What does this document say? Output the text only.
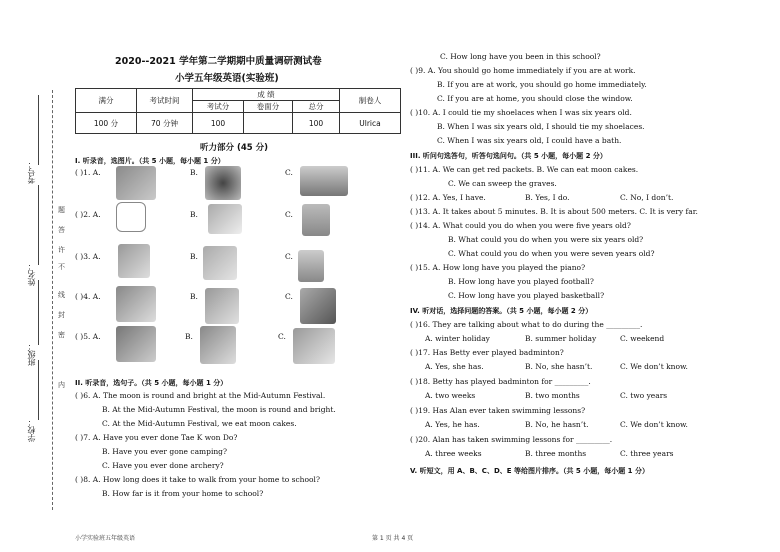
考号：
姓名：
班级：
学校：
题
答
许
不
线
封
密
内
2020--2021 学年第二学期期中质量调研测试卷
小学五年级英语(实验班)
满分	考试时间	成 绩			制卷人
		考试分	卷面分	总分	
100 分	70 分钟	100		100	Ulrica
听力部分 (45 分)
I. 听录音，选图片。（共 5 小题，每小题 1 分）
( )1. A.	B.	C.
( )2. A.	B.	C.
( )3. A.	B.	C.
( )4. A.	B.	C.
( )5. A.	B.	C.
II. 听录音，选句子。（共 5 小题，每小题 1 分）
( )6. A. The moon is round and bright at the Mid-Autumn Festival.
B. At the Mid-Autumn Festival, the moon is round and bright.
C. At the Mid-Autumn Festival, we eat moon cakes.
( )7. A. Have you ever done Tae K won Do?
B. Have you ever gone camping?
C. Have you ever done archery?
( )8. A. How long does it take to walk from your home to school?
B. How far is it from your home to school?
C. How long have you been in this school?
( )9. A. You should go home immediately if you are at work.
B. If you are at work, you should go home immediately.
C. If you are at home, you should close the window.
( )10. A. I could tie my shoelaces when I was six years old.
B. When I was six years old, I should tie my shoelaces.
C. When I was six years old, I could have a bath.
III. 听问句选答句，听答句选问句。（共 5 小题，每小题 2 分）
( )11. A. We can get red packets. B. We can eat moon cakes.
C. We can sweep the graves.
( )12. A. Yes, I have.	B. Yes, I do.	C. No, I don’t.
( )13. A. It takes about 5 minutes. B. It is about 500 meters. C. It is very far.
( )14. A. What could you do when you were five years old?
B. What could you do when you were six years old?
C. What could you do when you were seven years old?
( )15. A. How long have you played the piano?
B. How long have you played football?
C. How long have you played basketball?
IV. 听对话，选择问题的答案。（共 5 小题，每小题 2 分）
( )16. They are talking about what to do during the _________.
A. winter holiday	B. summer holiday	C. weekend
( )17. Has Betty ever played badminton?
A. Yes, she has.	B. No, she hasn’t.	C. We don’t know.
( )18. Betty has played badminton for _________.
A. two weeks	B. two months	C. two years
( )19. Has Alan ever taken swimming lessons?
A. Yes, he has.	B. No, he hasn’t.	C. We don’t know.
( )20. Alan has taken swimming lessons for _________.
A. three weeks	B. three months	C. three years
V. 听短文，用 A、B、C、D、E 等给图片排序。（共 5 小题，每小题 1 分）
小学实验班五年级英语	第 1 页 共 4 页
